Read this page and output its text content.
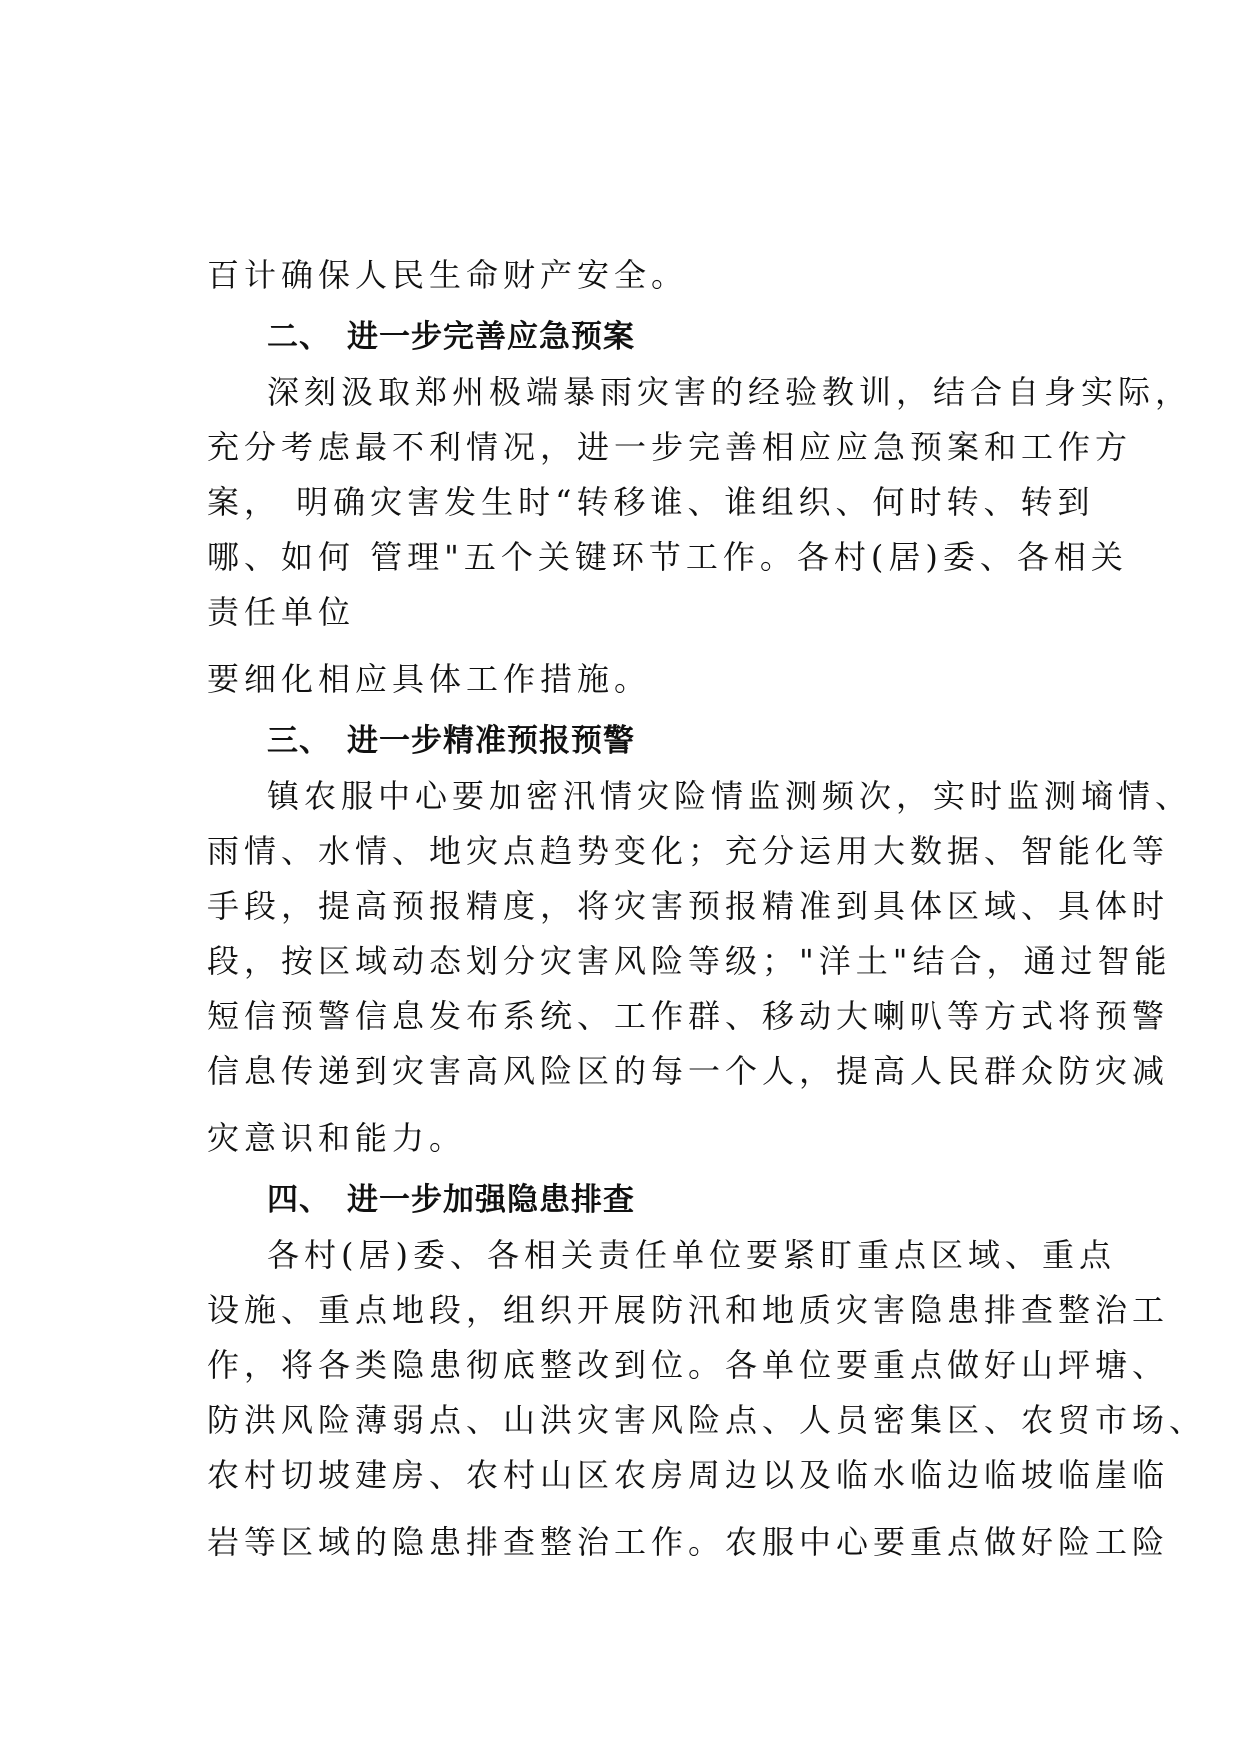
百计确保人民生命财产安全。
二、 进一步完善应急预案
深刻汲取郑州极端暴雨灾害的经验教训，结合自身实际，
充分考虑最不利情况，进一步完善相应应急预案和工作方
案， 明确灾害发生时“转移谁、谁组织、何时转、转到
哪、如何 管理"五个关键环节工作。各村(居)委、各相关
责任单位
要细化相应具体工作措施。
三、 进一步精准预报预警
镇农服中心要加密汛情灾险情监测频次，实时监测墒情、
雨情、水情、地灾点趋势变化；充分运用大数据、智能化等
手段，提高预报精度，将灾害预报精准到具体区域、具体时
段，按区域动态划分灾害风险等级；"洋土"结合，通过智能
短信预警信息发布系统、工作群、移动大喇叭等方式将预警
信息传递到灾害高风险区的每一个人，提高人民群众防灾减
灾意识和能力。
四、 进一步加强隐患排查
各村(居)委、各相关责任单位要紧盯重点区域、重点
设施、重点地段，组织开展防汛和地质灾害隐患排查整治工
作，将各类隐患彻底整改到位。各单位要重点做好山坪塘、
防洪风险薄弱点、山洪灾害风险点、人员密集区、农贸市场、
农村切坡建房、农村山区农房周边以及临水临边临坡临崖临
岩等区域的隐患排查整治工作。农服中心要重点做好险工险
